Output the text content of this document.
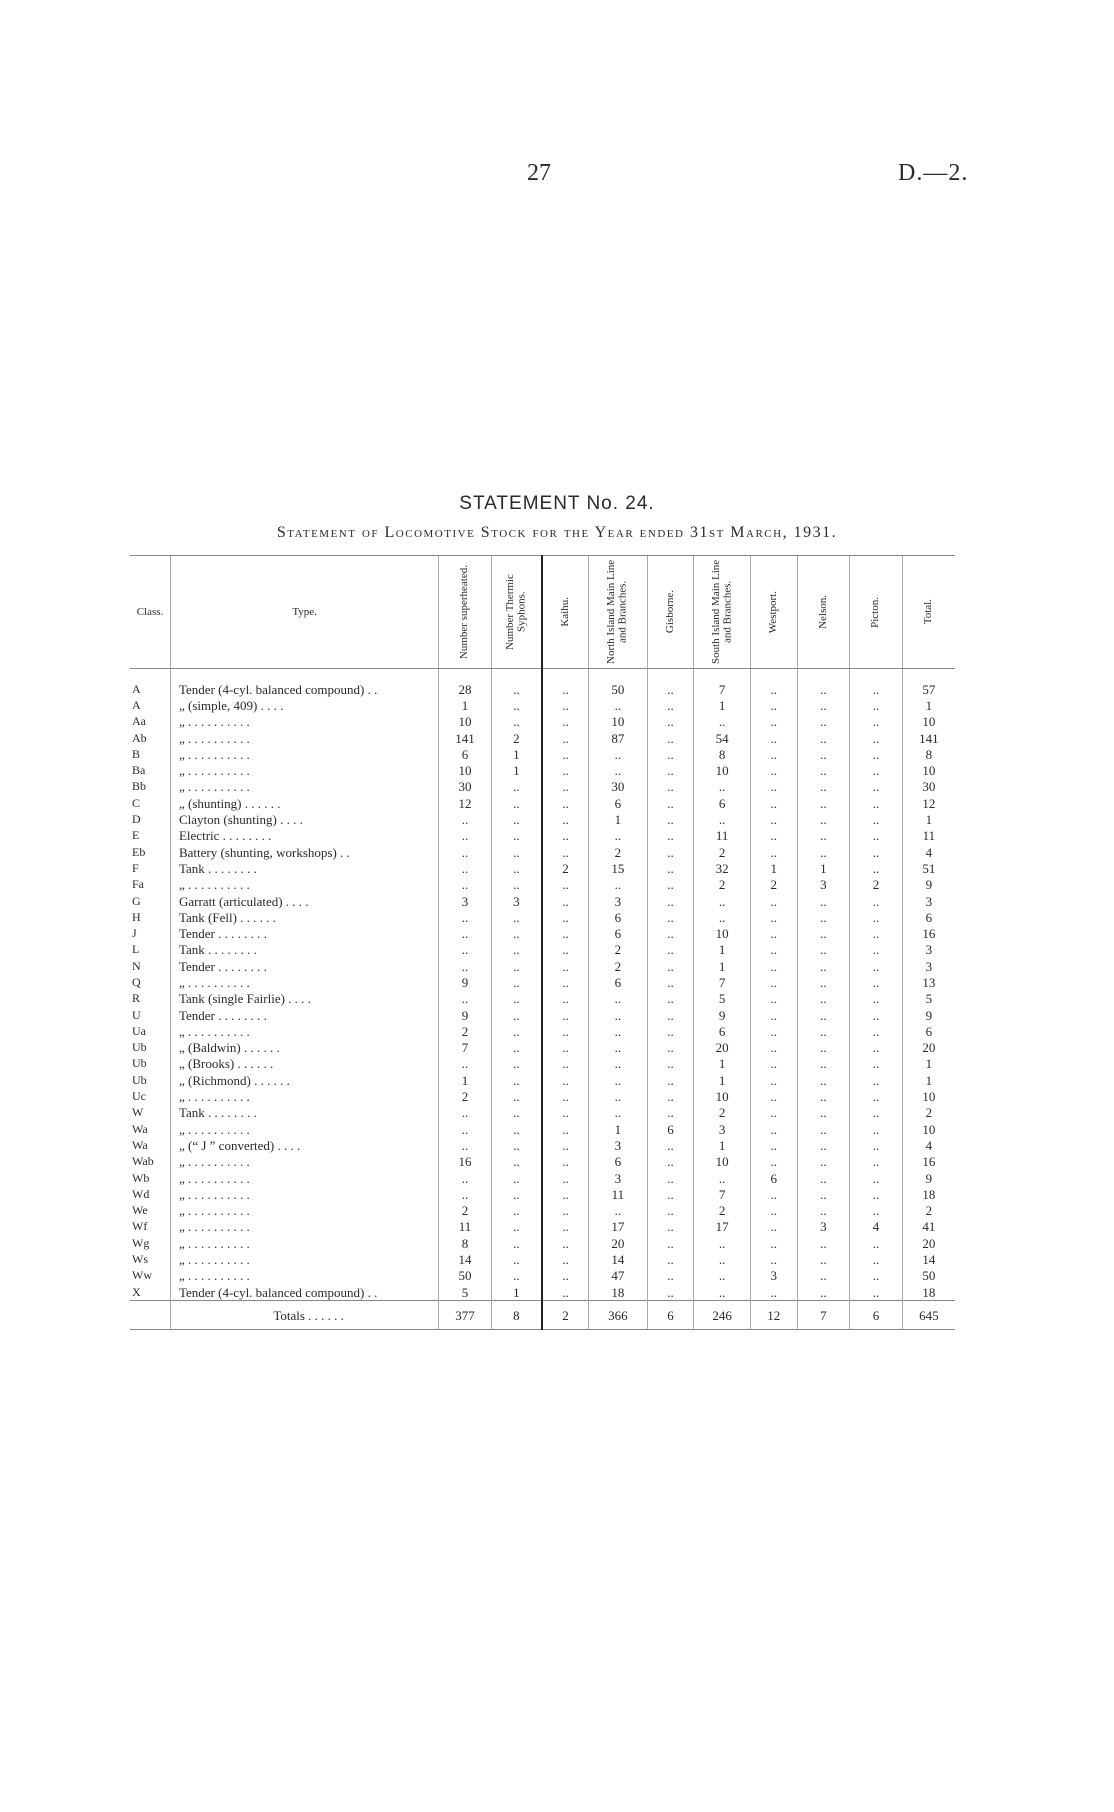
27	D.—2.
STATEMENT No. 24.
Statement of Locomotive Stock for the Year ended 31st March, 1931.
Class.	Type.	Number superheated.	Number Thermic Syphons.	Kaihu.	North Island Main Line and Branches.	Gisborne.	South Island Main Line and Branches.	Westport.	Nelson.	Picton.	Total.

A	Tender (4-cyl. balanced compound) . .	28	..	..	50	..	7	..	..	..	57
A	„ (simple, 409) . . . .	1	..	..	..	..	1	..	..	..	1
Aa	„ . . . . . . . . . .	10	..	..	10	..	..	..	..	..	10
Ab	„ . . . . . . . . . .	141	2	..	87	..	54	..	..	..	141
B	„ . . . . . . . . . .	6	1	..	..	..	8	..	..	..	8
Ba	„ . . . . . . . . . .	10	1	..	..	..	10	..	..	..	10
Bb	„ . . . . . . . . . .	30	..	..	30	..	..	..	..	..	30
C	„ (shunting) . . . . . .	12	..	..	6	..	6	..	..	..	12
D	Clayton (shunting) . . . .	..	..	..	1	..	..	..	..	..	1
E	Electric . . . . . . . .	..	..	..	..	..	11	..	..	..	11
Eb	Battery (shunting, workshops) . .	..	..	..	2	..	2	..	..	..	4
F	Tank . . . . . . . .	..	..	2	15	..	32	1	1	..	51
Fa	„ . . . . . . . . . .	..	..	..	..	..	2	2	3	2	9
G	Garratt (articulated) . . . .	3	3	..	3	..	..	..	..	..	3
H	Tank (Fell) . . . . . .	..	..	..	6	..	..	..	..	..	6
J	Tender . . . . . . . .	..	..	..	6	..	10	..	..	..	16
L	Tank . . . . . . . .	..	..	..	2	..	1	..	..	..	3
N	Tender . . . . . . . .	..	..	..	2	..	1	..	..	..	3
Q	„ . . . . . . . . . .	9	..	..	6	..	7	..	..	..	13
R	Tank (single Fairlie) . . . .	..	..	..	..	..	5	..	..	..	5
U	Tender . . . . . . . .	9	..	..	..	..	9	..	..	..	9
Ua	„ . . . . . . . . . .	2	..	..	..	..	6	..	..	..	6
Ub	„ (Baldwin) . . . . . .	7	..	..	..	..	20	..	..	..	20
Ub	„ (Brooks) . . . . . .	..	..	..	..	..	1	..	..	..	1
Ub	„ (Richmond) . . . . . .	1	..	..	..	..	1	..	..	..	1
Uc	„ . . . . . . . . . .	2	..	..	..	..	10	..	..	..	10
W	Tank . . . . . . . .	..	..	..	..	..	2	..	..	..	2
Wa	„ . . . . . . . . . .	..	..	..	1	6	3	..	..	..	10
Wa	„ (“ J ” converted) . . . .	..	..	..	3	..	1	..	..	..	4
Wab	„ . . . . . . . . . .	16	..	..	6	..	10	..	..	..	16
Wb	„ . . . . . . . . . .	..	..	..	3	..	..	6	..	..	9
Wd	„ . . . . . . . . . .	..	..	..	11	..	7	..	..	..	18
We	„ . . . . . . . . . .	2	..	..	..	..	2	..	..	..	2
Wf	„ . . . . . . . . . .	11	..	..	17	..	17	..	3	4	41
Wg	„ . . . . . . . . . .	8	..	..	20	..	..	..	..	..	20
Ws	„ . . . . . . . . . .	14	..	..	14	..	..	..	..	..	14
Ww	„ . . . . . . . . . .	50	..	..	47	..	..	3	..	..	50
X	Tender (4-cyl. balanced compound) . .	5	1	..	18	..	..	..	..	..	18
	Totals . . . . . .	377	8	2	366	6	246	12	7	6	645
